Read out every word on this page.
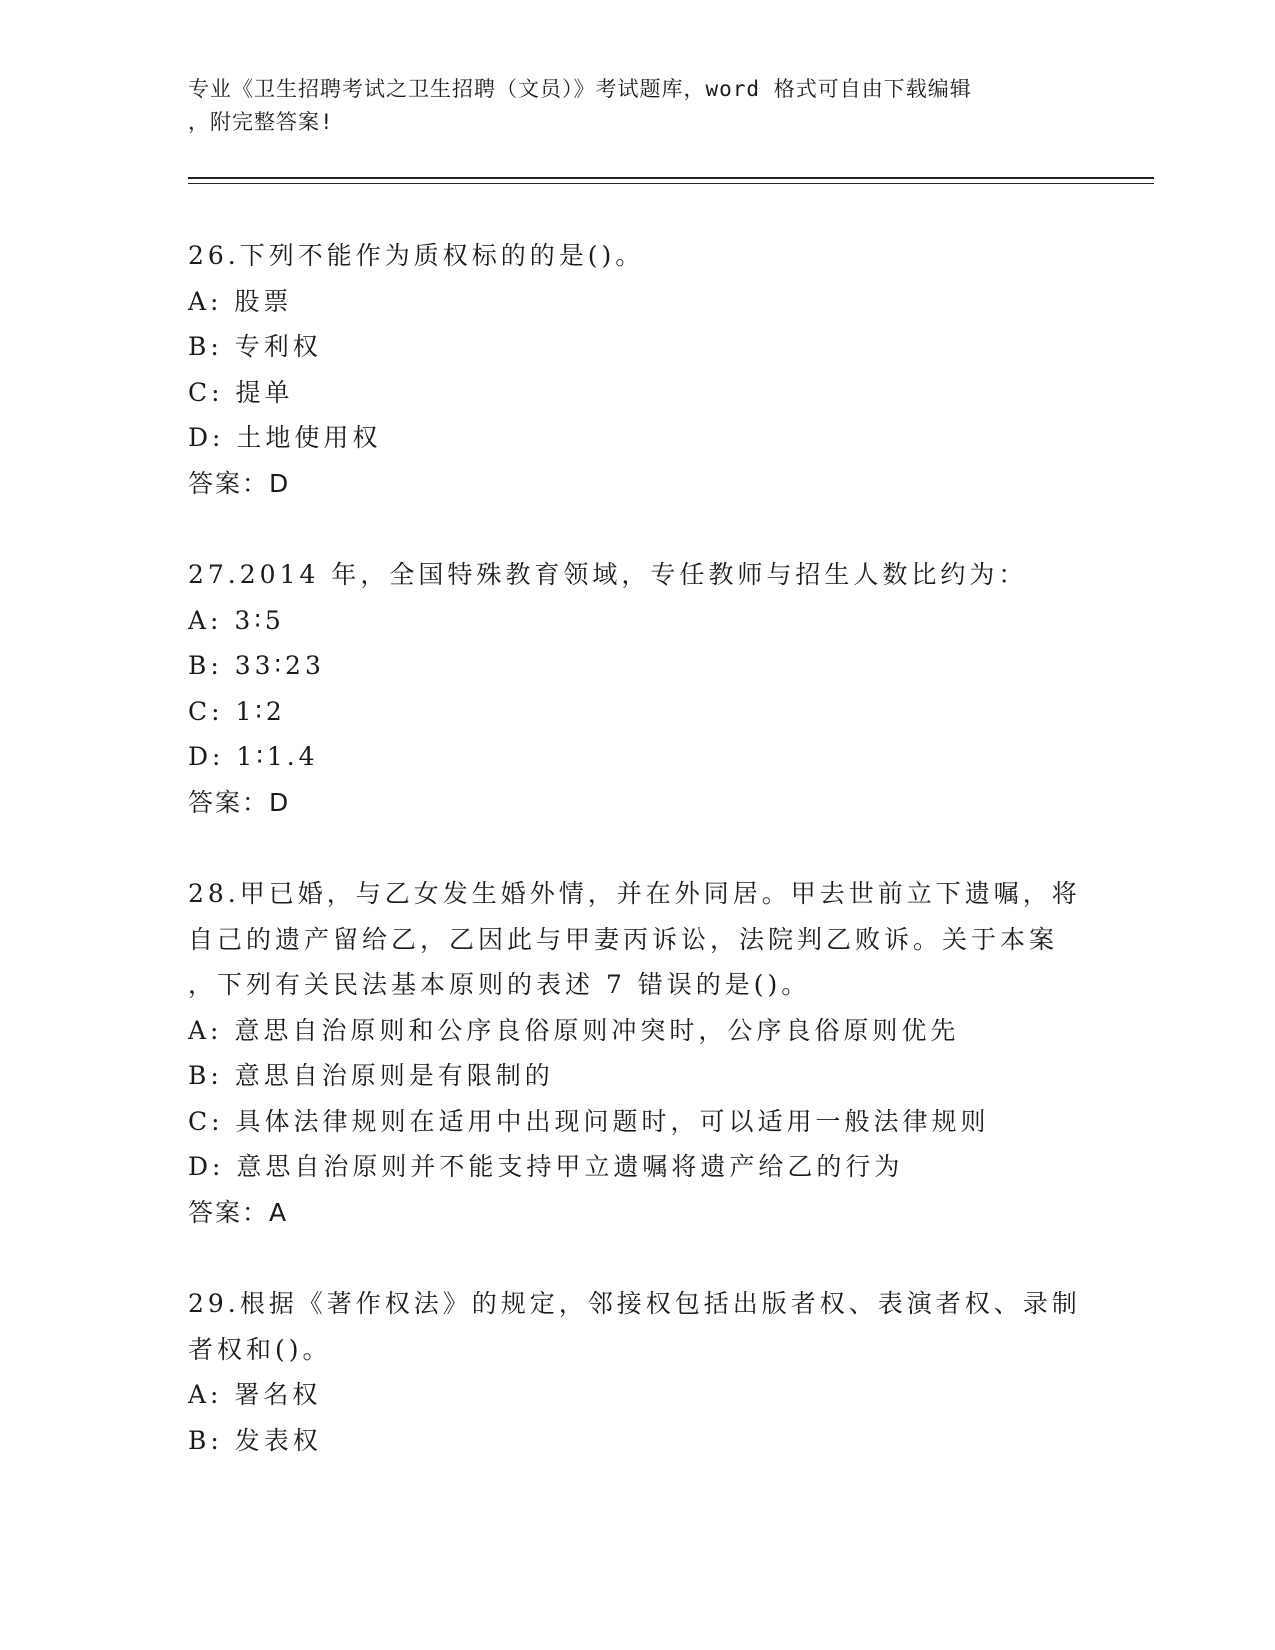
专业《卫生招聘考试之卫生招聘（文员）》考试题库，word 格式可自由下载编辑
，附完整答案!
26.下列不能作为质权标的的是()。
A: 股票
B: 专利权
C: 提单
D: 土地使用权
答案：D
27.2014 年，全国特殊教育领域，专任教师与招生人数比约为：
A: 3∶5
B: 33∶23
C: 1∶2
D: 1∶1.4
答案：D
28.甲已婚，与乙女发生婚外情，并在外同居。甲去世前立下遗嘱，将
自己的遗产留给乙，乙因此与甲妻丙诉讼，法院判乙败诉。关于本案
，下列有关民法基本原则的表述 7 错误的是()。
A: 意思自治原则和公序良俗原则冲突时，公序良俗原则优先
B: 意思自治原则是有限制的
C: 具体法律规则在适用中出现问题时，可以适用一般法律规则
D: 意思自治原则并不能支持甲立遗嘱将遗产给乙的行为
答案：A
29.根据《著作权法》的规定，邻接权包括出版者权、表演者权、录制
者权和()。
A: 署名权
B: 发表权
